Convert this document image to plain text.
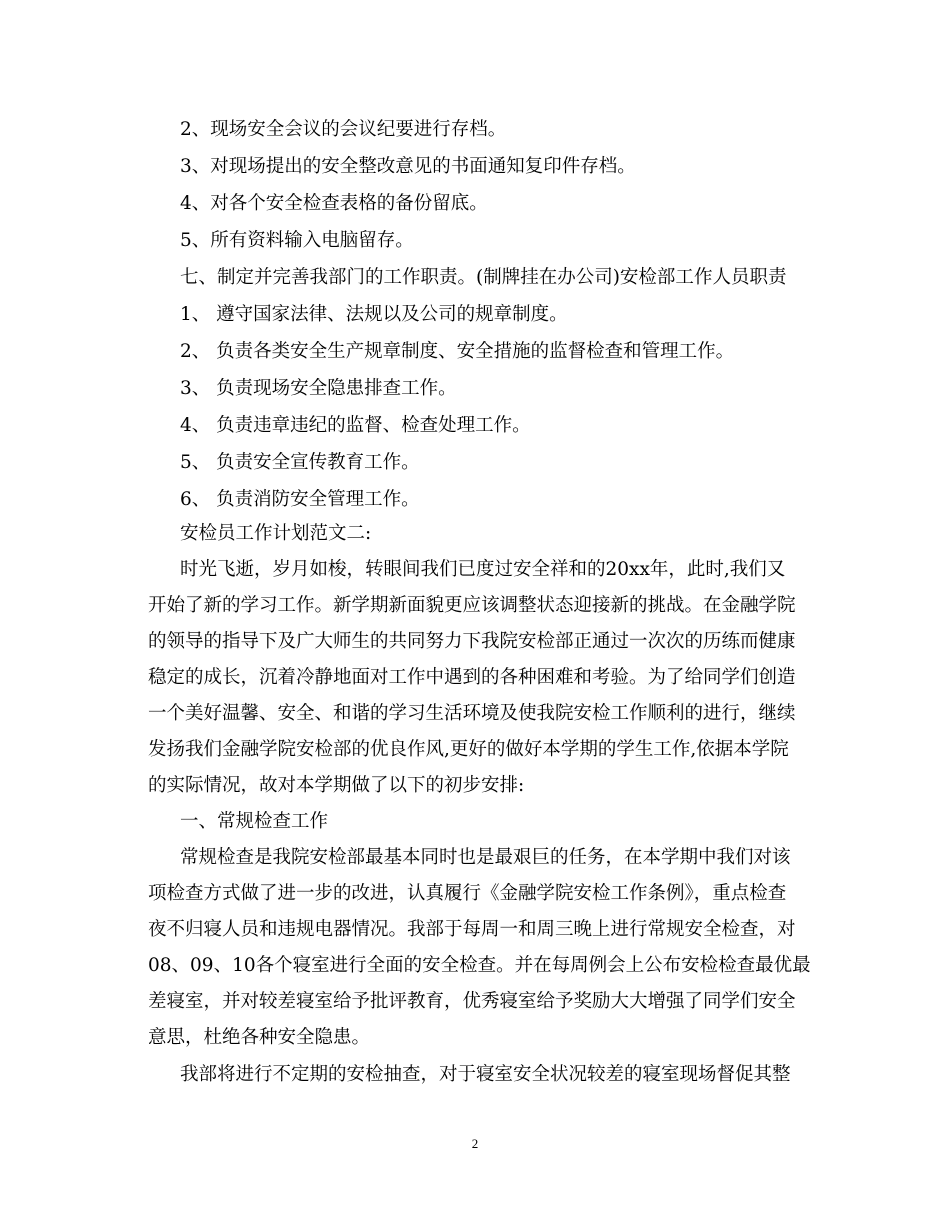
2、现场安全会议的会议纪要进行存档。
3、对现场提出的安全整改意见的书面通知复印件存档。
4、对各个安全检查表格的备份留底。
5、所有资料输入电脑留存。
七、制定并完善我部门的工作职责。(制牌挂在办公司)安检部工作人员职责
1、 遵守国家法律、法规以及公司的规章制度。
2、 负责各类安全生产规章制度、安全措施的监督检查和管理工作。
3、 负责现场安全隐患排查工作。
4、 负责违章违纪的监督、检查处理工作。
5、 负责安全宣传教育工作。
6、 负责消防安全管理工作。
安检员工作计划范文二:
时光飞逝，岁月如梭，转眼间我们已度过安全祥和的20xx年，此时,我们又
开始了新的学习工作。新学期新面貌更应该调整状态迎接新的挑战。在金融学院
的领导的指导下及广大师生的共同努力下我院安检部正通过一次次的历练而健康
稳定的成长，沉着冷静地面对工作中遇到的各种困难和考验。为了给同学们创造
一个美好温馨、安全、和谐的学习生活环境及使我院安检工作顺利的进行，继续
发扬我们金融学院安检部的优良作风,更好的做好本学期的学生工作,依据本学院
的实际情况，故对本学期做了以下的初步安排:
一、常规检查工作
常规检查是我院安检部最基本同时也是最艰巨的任务，在本学期中我们对该
项检查方式做了进一步的改进，认真履行《金融学院安检工作条例》，重点检查
夜不归寝人员和违规电器情况。我部于每周一和周三晚上进行常规安全检查，对
08、09、10各个寝室进行全面的安全检查。并在每周例会上公布安检检查最优最
差寝室，并对较差寝室给予批评教育，优秀寝室给予奖励大大增强了同学们安全
意思，杜绝各种安全隐患。
我部将进行不定期的安检抽查，对于寝室安全状况较差的寝室现场督促其整
2
